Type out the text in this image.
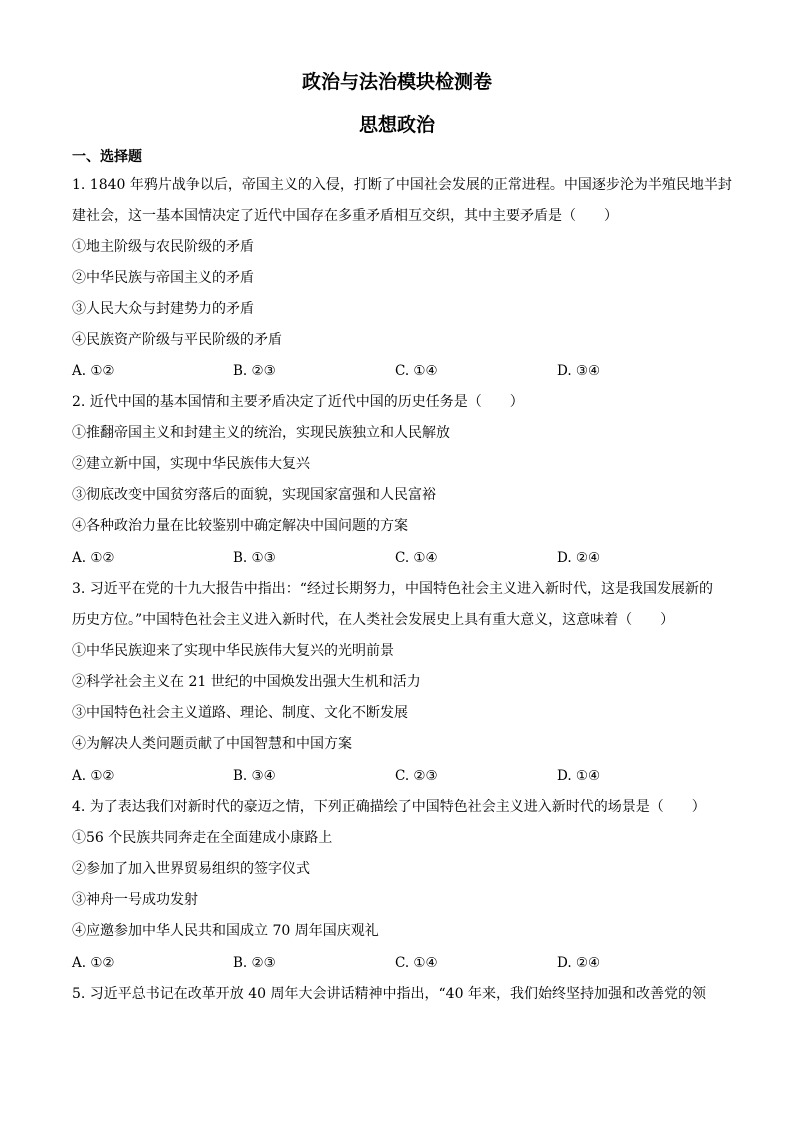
政治与法治模块检测卷
思想政治
一、选择题
1. 1840 年鸦片战争以后，帝国主义的入侵，打断了中国社会发展的正常进程。中国逐步沦为半殖民地半封
建社会，这一基本国情决定了近代中国存在多重矛盾相互交织，其中主要矛盾是（　　）
①地主阶级与农民阶级的矛盾
②中华民族与帝国主义的矛盾
③人民大众与封建势力的矛盾
④民族资产阶级与平民阶级的矛盾
A. ①②	B. ②③	C. ①④	D. ③④
2. 近代中国的基本国情和主要矛盾决定了近代中国的历史任务是（　　）
①推翻帝国主义和封建主义的统治，实现民族独立和人民解放
②建立新中国，实现中华民族伟大复兴
③彻底改变中国贫穷落后的面貌，实现国家富强和人民富裕
④各种政治力量在比较鉴别中确定解决中国问题的方案
A. ①②	B. ①③	C. ①④	D. ②④
3. 习近平在党的十九大报告中指出：“经过长期努力，中国特色社会主义进入新时代，这是我国发展新的
历史方位。”中国特色社会主义进入新时代，在人类社会发展史上具有重大意义，这意味着（　　）
①中华民族迎来了实现中华民族伟大复兴的光明前景
②科学社会主义在 21 世纪的中国焕发出强大生机和活力
③中国特色社会主义道路、理论、制度、文化不断发展
④为解决人类问题贡献了中国智慧和中国方案
A. ①②	B. ③④	C. ②③	D. ①④
4. 为了表达我们对新时代的豪迈之情，下列正确描绘了中国特色社会主义进入新时代的场景是（　　）
①56 个民族共同奔走在全面建成小康路上
②参加了加入世界贸易组织的签字仪式
③神舟一号成功发射
④应邀参加中华人民共和国成立 70 周年国庆观礼
A. ①②	B. ②③	C. ①④	D. ②④
5. 习近平总书记在改革开放 40 周年大会讲话精神中指出，“40 年来，我们始终坚持加强和改善党的领
